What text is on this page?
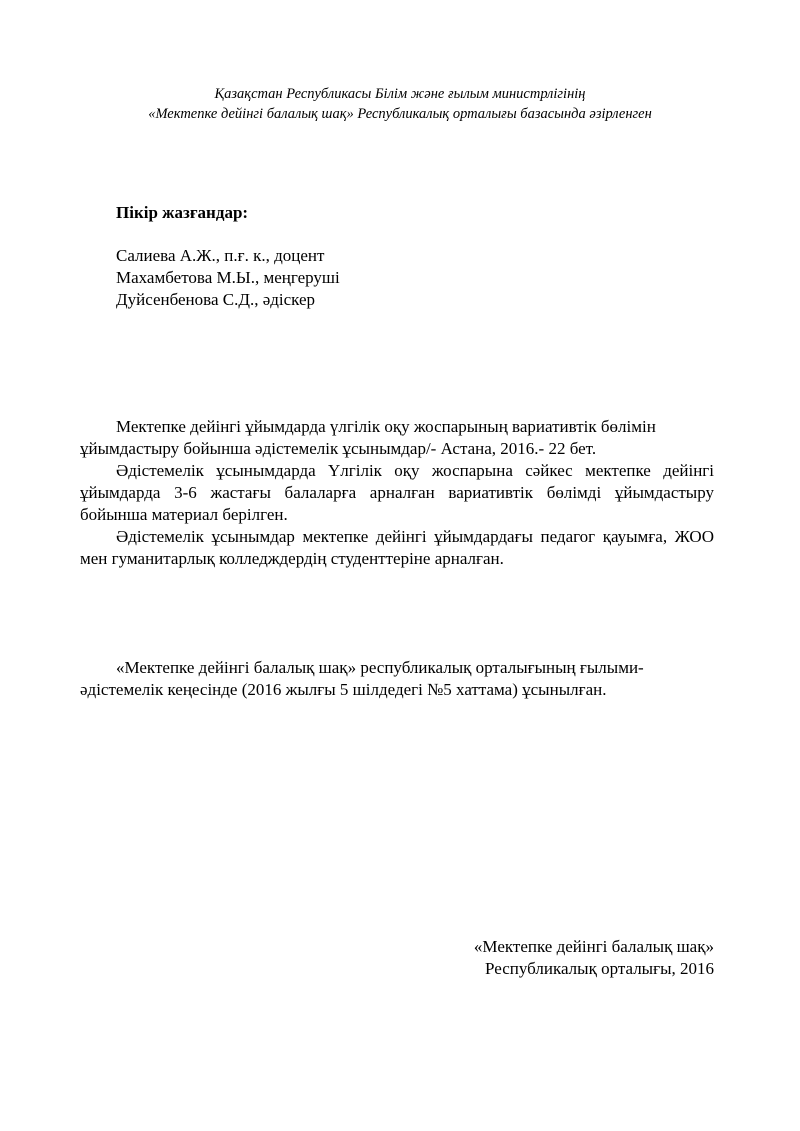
Қазақстан Республикасы Білім және ғылым министрлігінің
«Мектепке дейінгі балалық шақ» Республикалық орталығы базасында әзірленген
Пікір жазғандар:
Салиева А.Ж., п.ғ. к., доцент
Махамбетова М.Ы., меңгеруші
Дуйсенбенова С.Д., әдіскер

Мектепке дейінгі ұйымдарда үлгілік оқу жоспарының вариативтік бөлімін ұйымдастыру бойынша әдістемелік ұсынымдар/- Астана, 2016.- 22 бет.

Әдістемелік ұсынымдарда Үлгілік оқу жоспарына сәйкес мектепке дейінгі ұйымдарда 3-6 жастағы балаларға арналған вариативтік бөлімді ұйымдастыру бойынша материал берілген.

Әдістемелік ұсынымдар мектепке дейінгі ұйымдардағы педагог қауымға, ЖОО мен гуманитарлық колледждердің студенттеріне арналған.

«Мектепке дейінгі балалық шақ» республикалық орталығының ғылыми-әдістемелік кеңесінде (2016 жылғы 5 шілдедегі №5 хаттама) ұсынылған.

«Мектепке дейінгі балалық шақ»
Республикалық орталығы, 2016
